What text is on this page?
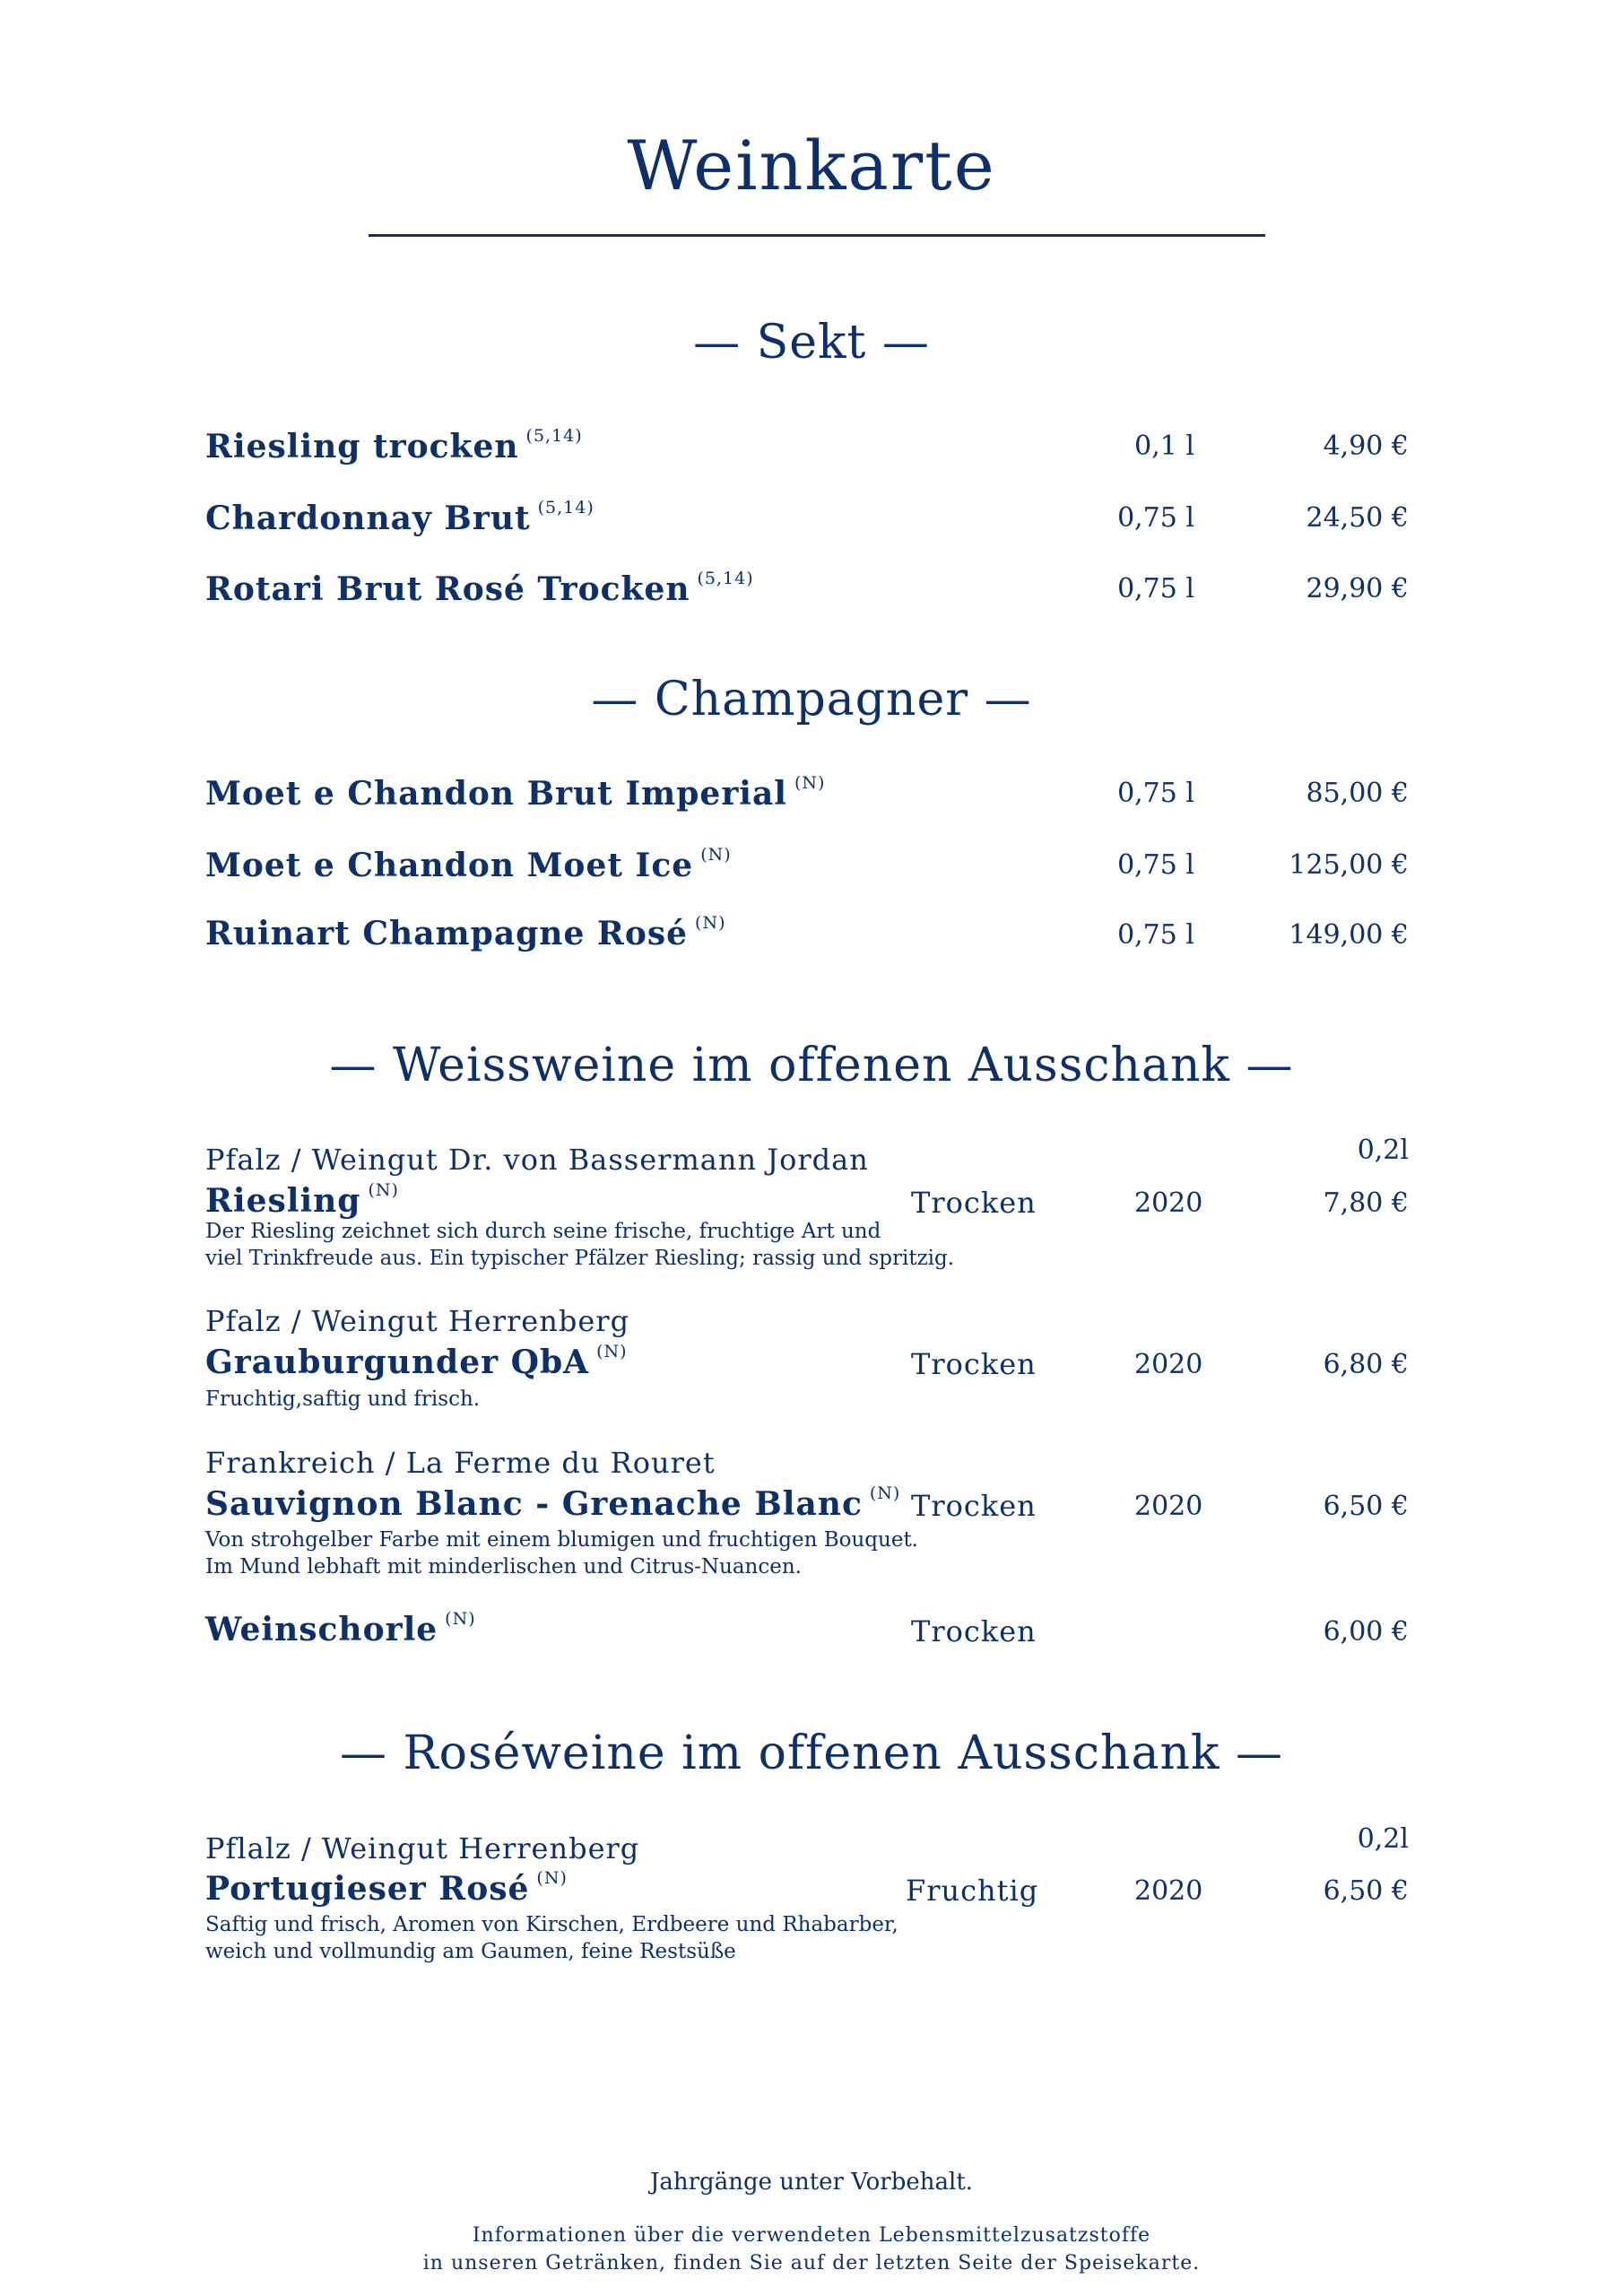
Weinkarte
— Sekt —
Riesling trocken $^{(5,14)}$	0,1 l	4,90 €
Chardonnay Brut $^{(5,14)}$	0,75 l	24,50 €
Rotari Brut Rosé Trocken $^{(5,14)}$	0,75 l	29,90 €
— Champagner —
Moet e Chandon Brut Imperial $^{(N)}$	0,75 l	85,00 €
Moet e Chandon Moet Ice $^{(N)}$	0,75 l	125,00 €
Ruinart Champagne Rosé $^{(N)}$	0,75 l	149,00 €
— Weissweine im offenen Ausschank —
0,2l
Pfalz / Weingut Dr. von Bassermann Jordan
Riesling $^{(N)}$	Trocken	2020	7,80 €
Der Riesling zeichnet sich durch seine frische, fruchtige Art und
viel Trinkfreude aus. Ein typischer Pfälzer Riesling; rassig und spritzig.
Pfalz / Weingut Herrenberg
Grauburgunder QbA $^{(N)}$	Trocken	2020	6,80 €
Fruchtig,saftig und frisch.
Frankreich / La Ferme du Rouret
Sauvignon Blanc - Grenache Blanc $^{(N)}$ Trocken	2020	6,50 €
Von strohgelber Farbe mit einem blumigen und fruchtigen Bouquet.
Im Mund lebhaft mit minderlischen und Citrus-Nuancen.
Weinschorle $^{(N)}$	Trocken	6,00 €
— Roséweine im offenen Ausschank —
0,2l
Pflalz / Weingut Herrenberg
Portugieser Rosé $^{(N)}$	Fruchtig	2020	6,50 €
Saftig und frisch, Aromen von Kirschen, Erdbeere und Rhabarber,
weich und vollmundig am Gaumen, feine Restsüße
Jahrgänge unter Vorbehalt.
Informationen über die verwendeten Lebensmittelzusatzstoffe
in unseren Getränken, finden Sie auf der letzten Seite der Speisekarte.
